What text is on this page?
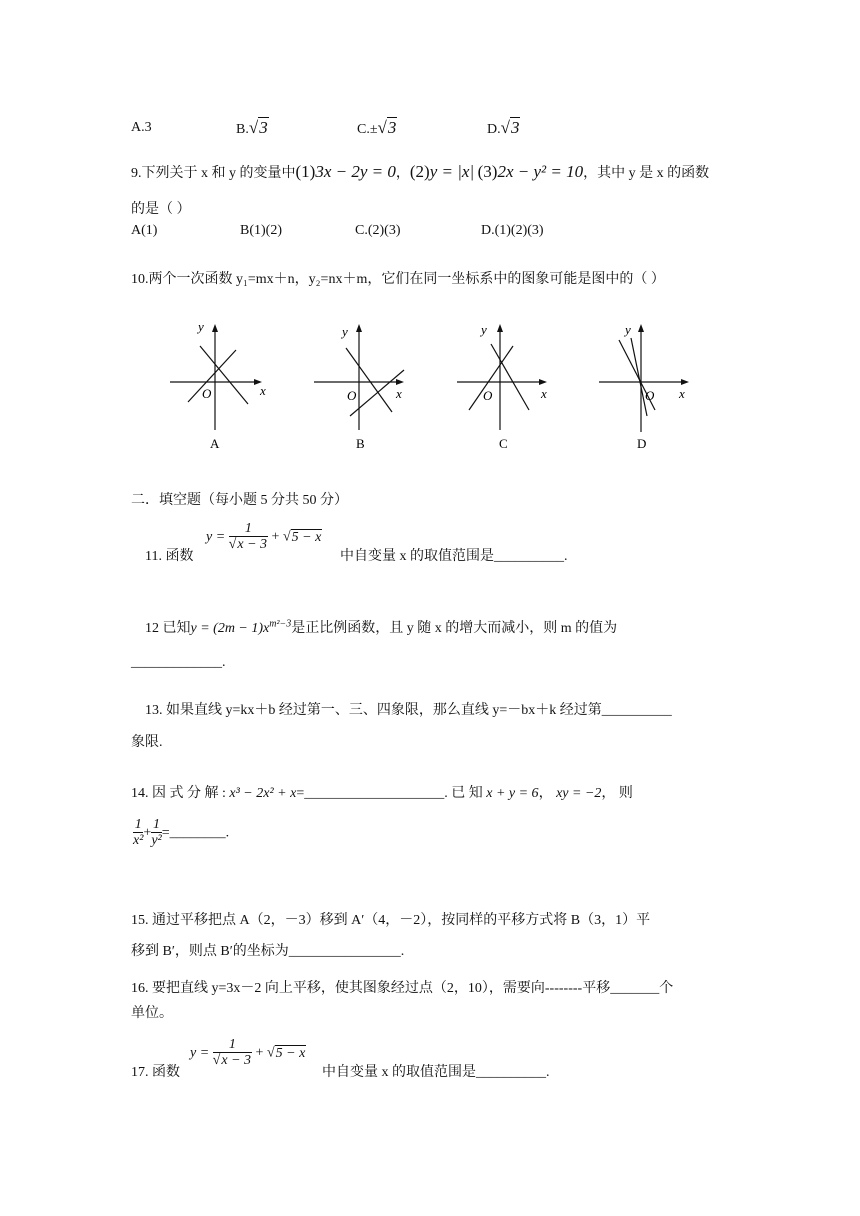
A.3	B.√3	C.±√3	D.√3
9.下列关于 x 和 y 的变量中(1)3x − 2y = 0，(2)y = |x| (3)2x − y² = 10，其中 y 是 x 的函数
的是（ ）
A(1)	B(1)(2)	C.(2)(3)	D.(1)(2)(3)
10.两个一次函数 y₁=mx＋n，y₂=nx＋m，它们在同一坐标系中的图象可能是图中的（ ）
y
x
O
A
y
x
O
B
y
x
O
C
y
x
O
D
二．填空题（每小题 5 分共 50 分）
11. 函数
$y = \frac{1}{√x - 3} + √5 - x$
中自变量 x 的取值范围是__________.
12 已知$y = (2m - 1)x^{m^2-3}$是正比例函数，且 y 随 x 的增大而减小，则 m 的值为
_____________.
13. 如果直线 y=kx＋b 经过第一、三、四象限，那么直线 y=－bx＋k 经过第__________
象限.
14. 因 式 分 解 : x³ − 2x² + x=____________________. 已 知 x + y = 6， xy = −2， 则
$\frac{1}{\text{x²}} + \frac{1}{\text{y²}}$ =________.
15. 通过平移把点 A（2，－3）移到 A′（4，－2），按同样的平移方式将 B（3，1）平
移到 B′，则点 B′的坐标为________________.
16. 要把直线 y=3x－2 向上平移，使其图象经过点（2，10），需要向--------平移_______个
单位。
17. 函数
$y = \frac{1}{√x - 3} + √5 - x$
中自变量 x 的取值范围是__________.
